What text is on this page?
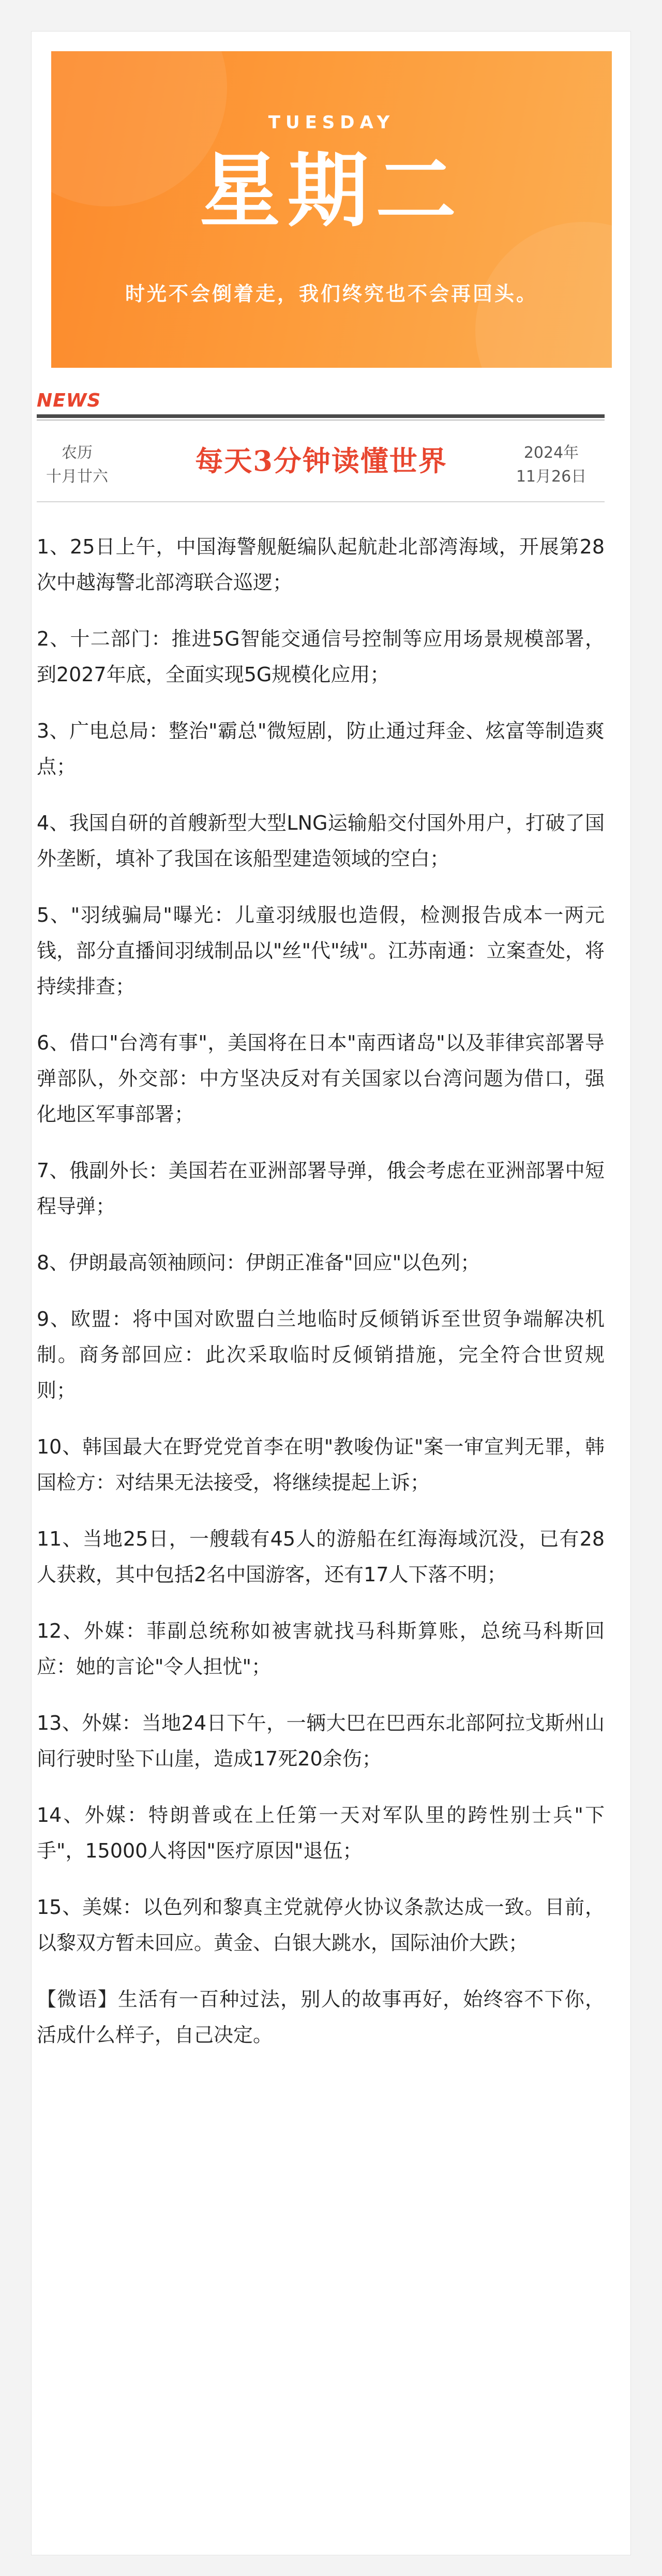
TUESDAY
星期二
时光不会倒着走，我们终究也不会再回头。
NEWS
农历
十月廿六	每天3分钟读懂世界	2024年
11月26日
1、25日上午，中国海警舰艇编队起航赴北部湾海域，开展第28次中越海警北部湾联合巡逻；
2、十二部门：推进5G智能交通信号控制等应用场景规模部署，到2027年底，全面实现5G规模化应用；
3、广电总局：整治"霸总"微短剧，防止通过拜金、炫富等制造爽点；
4、我国自研的首艘新型大型LNG运输船交付国外用户，打破了国外垄断，填补了我国在该船型建造领域的空白；
5、"羽绒骗局"曝光：儿童羽绒服也造假，检测报告成本一两元钱，部分直播间羽绒制品以"丝"代"绒"。江苏南通：立案查处，将持续排查；
6、借口"台湾有事"，美国将在日本"南西诸岛"以及菲律宾部署导弹部队，外交部：中方坚决反对有关国家以台湾问题为借口，强化地区军事部署；
7、俄副外长：美国若在亚洲部署导弹，俄会考虑在亚洲部署中短程导弹；
8、伊朗最高领袖顾问：伊朗正准备"回应"以色列；
9、欧盟：将中国对欧盟白兰地临时反倾销诉至世贸争端解决机制。商务部回应：此次采取临时反倾销措施，完全符合世贸规则；
10、韩国最大在野党党首李在明"教唆伪证"案一审宣判无罪，韩国检方：对结果无法接受，将继续提起上诉；
11、当地25日，一艘载有45人的游船在红海海域沉没，已有28人获救，其中包括2名中国游客，还有17人下落不明；
12、外媒：菲副总统称如被害就找马科斯算账，总统马科斯回应：她的言论"令人担忧"；
13、外媒：当地24日下午，一辆大巴在巴西东北部阿拉戈斯州山间行驶时坠下山崖，造成17死20余伤；
14、外媒：特朗普或在上任第一天对军队里的跨性别士兵"下手"，15000人将因"医疗原因"退伍；
15、美媒：以色列和黎真主党就停火协议条款达成一致。目前，以黎双方暂未回应。黄金、白银大跳水，国际油价大跌；
【微语】生活有一百种过法，别人的故事再好，始终容不下你，活成什么样子，自己决定。
